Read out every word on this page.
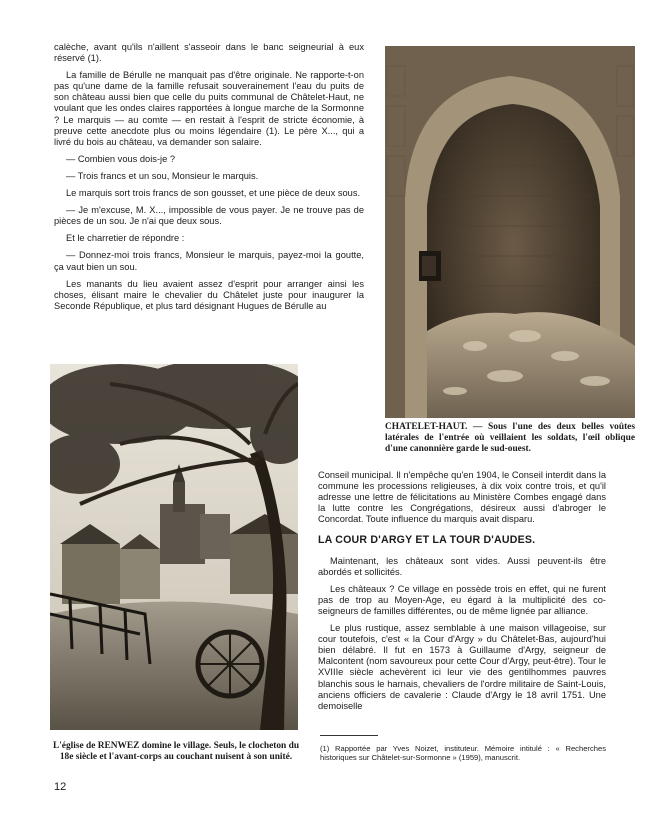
calèche, avant qu'ils n'aillent s'asseoir dans le banc seigneurial à eux réservé (1).

La famille de Bérulle ne manquait pas d'être originale. Ne rapporte-t-on pas qu'une dame de la famille refusait souverainement l'eau du puits de son château aussi bien que celle du puits communal de Châtelet-Haut, ne voulant que les ondes claires rapportées à longue marche de la Sormonne ? Le marquis — au comte — en restait à l'esprit de stricte économie, à preuve cette anecdote plus ou moins légendaire (1). Le père X..., qui a livré du bois au château, va demander son salaire.

— Combien vous dois-je ?

— Trois francs et un sou, Monsieur le marquis.

Le marquis sort trois francs de son gousset, et une pièce de deux sous.

— Je m'excuse, M. X..., impossible de vous payer. Je ne trouve pas de pièces de un sou. Je n'ai que deux sous.

Et le charretier de répondre :

— Donnez-moi trois francs, Monsieur le marquis, payez-moi la goutte, ça vaut bien un sou.

Les manants du lieu avaient assez d'esprit pour arranger ainsi les choses, élisant maire le chevalier du Châtelet juste pour inaugurer la Seconde République, et plus tard désignant Hugues de Bérulle au

CHATELET-HAUT. — Sous l'une des deux belles voûtes latérales de l'entrée où veillaient les soldats, l'œil oblique d'une canonnière garde le sud-ouest.
L'église de RENWEZ domine le village. Seuls, le clocheton du 18e siècle et l'avant-corps au couchant nuisent à son unité.

Conseil municipal. Il n'empêche qu'en 1904, le Conseil interdit dans la commune les processions religieuses, à dix voix contre trois, et qu'il adresse une lettre de félicitations au Ministère Combes engagé dans la lutte contre les Congrégations, désireux aussi d'abroger le Concordat. Toute influence du marquis avait disparu.

LA COUR D'ARGY ET LA TOUR D'AUDES.

Maintenant, les châteaux sont vides. Aussi peuvent-ils être abordés et sollicités.

Les châteaux ? Ce village en possède trois en effet, qui ne furent pas de trop au Moyen-Age, eu égard à la multiplicité des co-seigneurs de familles différentes, ou de même lignée par alliance.

Le plus rustique, assez semblable à une maison villageoise, sur cour toutefois, c'est « la Cour d'Argy » du Châtelet-Bas, aujourd'hui bien délabré. Il fut en 1573 à Guillaume d'Argy, seigneur de Malcontent (nom savoureux pour cette Cour d'Argy, peut-être). Tour le XVIIIe siècle achevèrent ici leur vie des gentilhommes pauvres blanchis sous le harnais, chevaliers de l'ordre militaire de Saint-Louis, anciens officiers de cavalerie : Claude d'Argy le 18 avril 1751. Une demoiselle

(1) Rapportée par Yves Noizet, instituteur. Mémoire intitulé : « Recherches historiques sur Châtelet-sur-Sormonne » (1959), manuscrit.
12
